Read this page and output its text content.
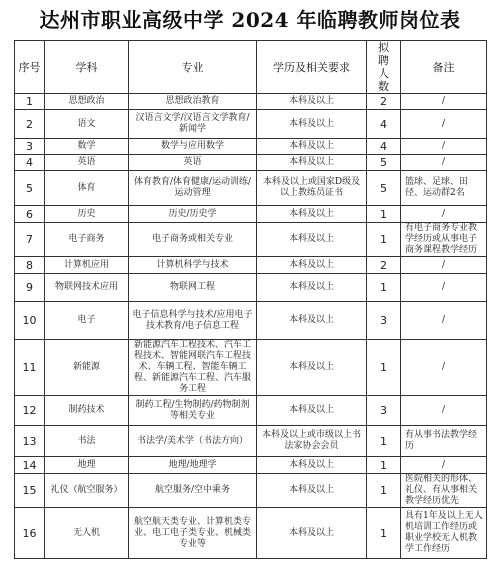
达州市职业高级中学 2024 年临聘教师岗位表
序号	学科	专业	学历及相关要求	拟聘人数	备注
1	思想政治	思想政治教育	本科及以上	2	/
2	语文	汉语言文学/汉语言文学教育/新闻学	本科及以上	4	/
3	数学	数学与应用数学	本科及以上	4	/
4	英语	英语	本科及以上	5	/
5	体育	体育教育/体育健康/运动训练/运动管理	本科及以上或国家D级及以上教练员证书	5	篮球、足球、田径、运动群2名
6	历史	历史/历史学	本科及以上	1	/
7	电子商务	电子商务或相关专业	本科及以上	1	有电子商务专业教学经历或从事电子商务课程教学经历
8	计算机应用	计算机科学与技术	本科及以上	2	/
9	物联网技术应用	物联网工程	本科及以上	1	/
10	电子	电子信息科学与技术/应用电子技术教育/电子信息工程	本科及以上	3	/
11	新能源	新能源汽车工程技术、汽车工程技术、智能网联汽车工程技术、车辆工程、智能车辆工程、新能源汽车工程、汽车服务工程	本科及以上	1	/
12	制药技术	制药工程/生物制药/药物制剂等相关专业	本科及以上	3	/
13	书法	书法学/美术学（书法方向）	本科及以上或市级以上书法家协会会员	1	有从事书法教学经历
14	地理	地理/地理学	本科及以上	1	/
15	礼仪（航空服务）	航空服务/空中乘务	本科及以上	1	医院相关的形体、礼仪、有从事相关教学经历优先
16	无人机	航空航天类专业、计算机类专业、电工电子类专业、机械类专业等	本科及以上	1	具有1年及以上无人机培训工作经历或职业学校无人机教学工作经历
